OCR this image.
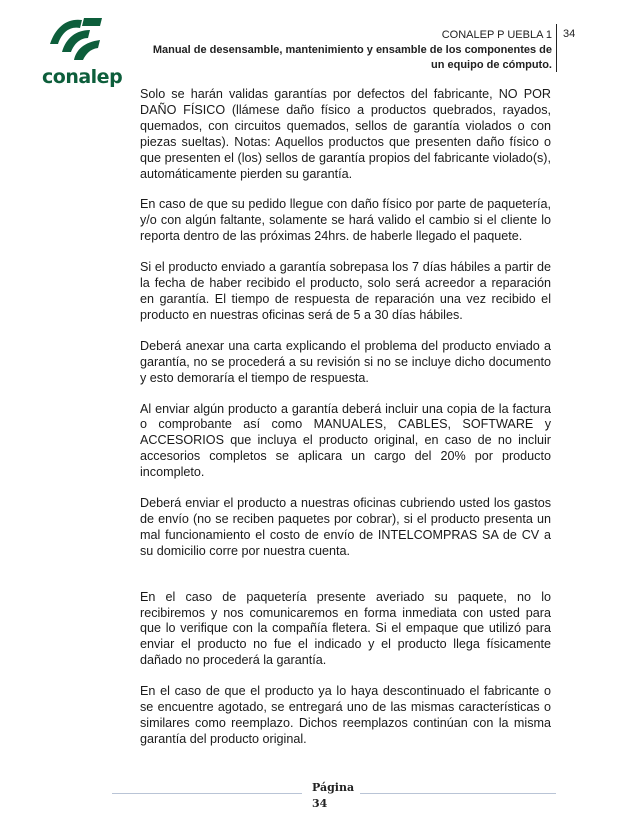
conalep
CONALEP P UEBLA 1
Manual de desensamble, mantenimiento y ensamble de los componentes de
un equipo de cómputo.
34

Solo se harán validas garantías por defectos del fabricante, NO POR DAÑO FÍSICO (llámese daño físico a productos quebrados, rayados, quemados, con circuitos quemados, sellos de garantía violados o con piezas sueltas). Notas: Aquellos productos que presenten daño físico o que presenten el (los) sellos de garantía propios del fabricante violado(s), automáticamente pierden su garantía.

En caso de que su pedido llegue con daño físico por parte de paquetería, y/o con algún faltante, solamente se hará valido el cambio si el cliente lo reporta dentro de las próximas 24hrs. de haberle llegado el paquete.

Si el producto enviado a garantía sobrepasa los 7 días hábiles a partir de la fecha de haber recibido el producto, solo será acreedor a reparación en garantía. El tiempo de respuesta de reparación una vez recibido el producto en nuestras oficinas será de 5 a 30 días hábiles.

Deberá anexar una carta explicando el problema del producto enviado a garantía, no se procederá a su revisión si no se incluye dicho documento y esto demoraría el tiempo de respuesta.

Al enviar algún producto a garantía deberá incluir una copia de la factura o comprobante así como MANUALES, CABLES, SOFTWARE y ACCESORIOS que incluya el producto original, en caso de no incluir accesorios completos se aplicara un cargo del 20% por producto incompleto.

Deberá enviar el producto a nuestras oficinas cubriendo usted los gastos de envío (no se reciben paquetes por cobrar), si el producto presenta un mal funcionamiento el costo de envío de INTELCOMPRAS SA de CV a su domicilio corre por nuestra cuenta.

En el caso de paquetería presente averiado su paquete, no lo recibiremos y nos comunicaremos en forma inmediata con usted para que lo verifique con la compañía fletera. Si el empaque que utilizó para enviar el producto no fue el indicado y el producto llega físicamente dañado no procederá la garantía.

En el caso de que el producto ya lo haya descontinuado el fabricante o se encuentre agotado, se entregará uno de las mismas características o similares como reemplazo. Dichos reemplazos continúan con la misma garantía del producto original.

Página
34
